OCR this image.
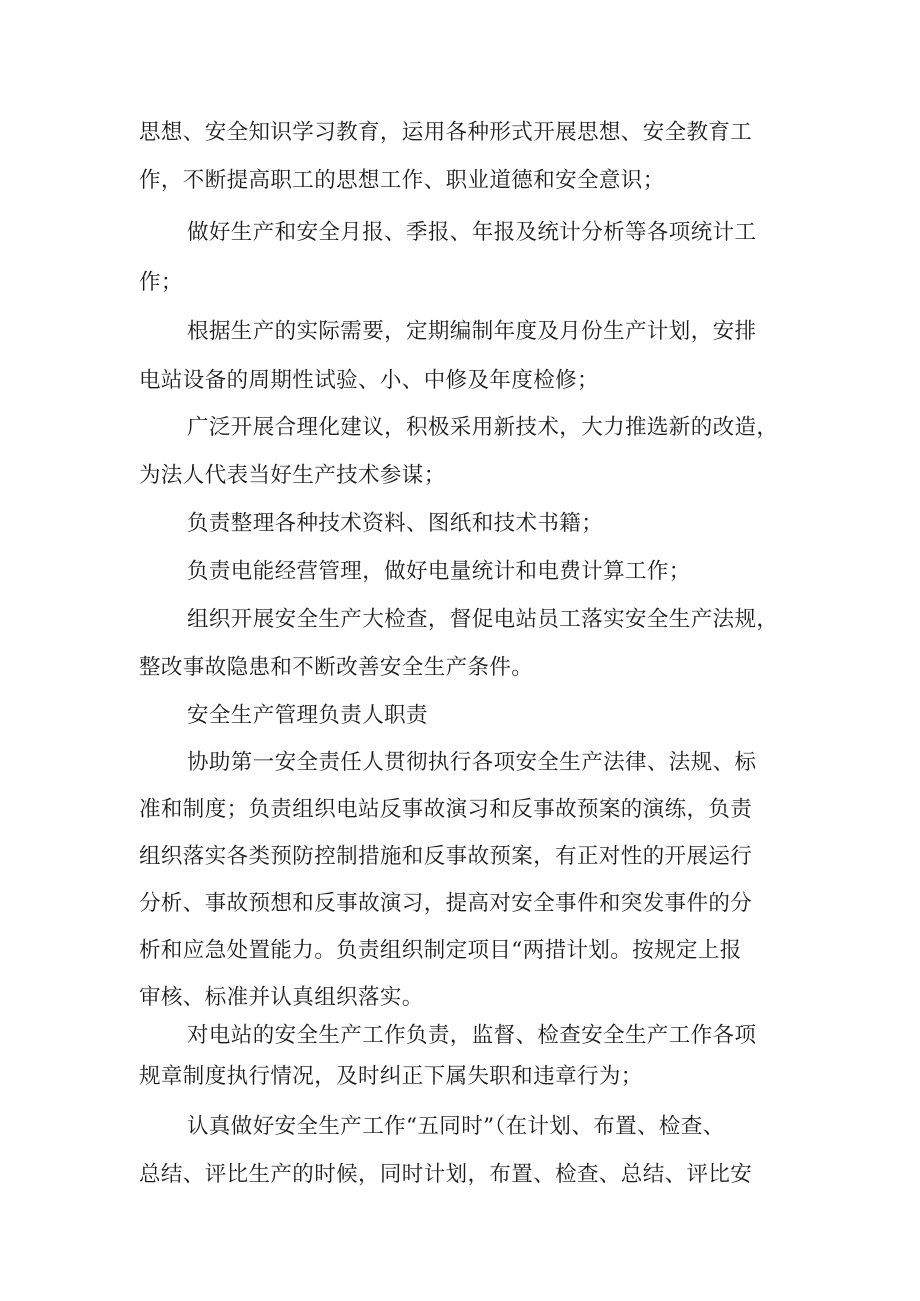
思想、安全知识学习教育，运用各种形式开展思想、安全教育工
作，不断提高职工的思想工作、职业道德和安全意识；
做好生产和安全月报、季报、年报及统计分析等各项统计工
作；
根据生产的实际需要，定期编制年度及月份生产计划，安排
电站设备的周期性试验、小、中修及年度检修；
广泛开展合理化建议，积极采用新技术，大力推选新的改造，
为法人代表当好生产技术参谋；
负责整理各种技术资料、图纸和技术书籍；
负责电能经营管理，做好电量统计和电费计算工作；
组织开展安全生产大检查，督促电站员工落实安全生产法规，
整改事故隐患和不断改善安全生产条件。
安全生产管理负责人职责
协助第一安全责任人贯彻执行各项安全生产法律、法规、标
准和制度；负责组织电站反事故演习和反事故预案的演练，负责
组织落实各类预防控制措施和反事故预案，有正对性的开展运行
分析、事故预想和反事故演习，提高对安全事件和突发事件的分
析和应急处置能力。负责组织制定项目“两措计划。按规定上报
审核、标准并认真组织落实。
对电站的安全生产工作负责，监督、检查安全生产工作各项
规章制度执行情况，及时纠正下属失职和违章行为；
认真做好安全生产工作“五同时”（在计划、布置、检查、
总结、评比生产的时候，同时计划，布置、检查、总结、评比安
